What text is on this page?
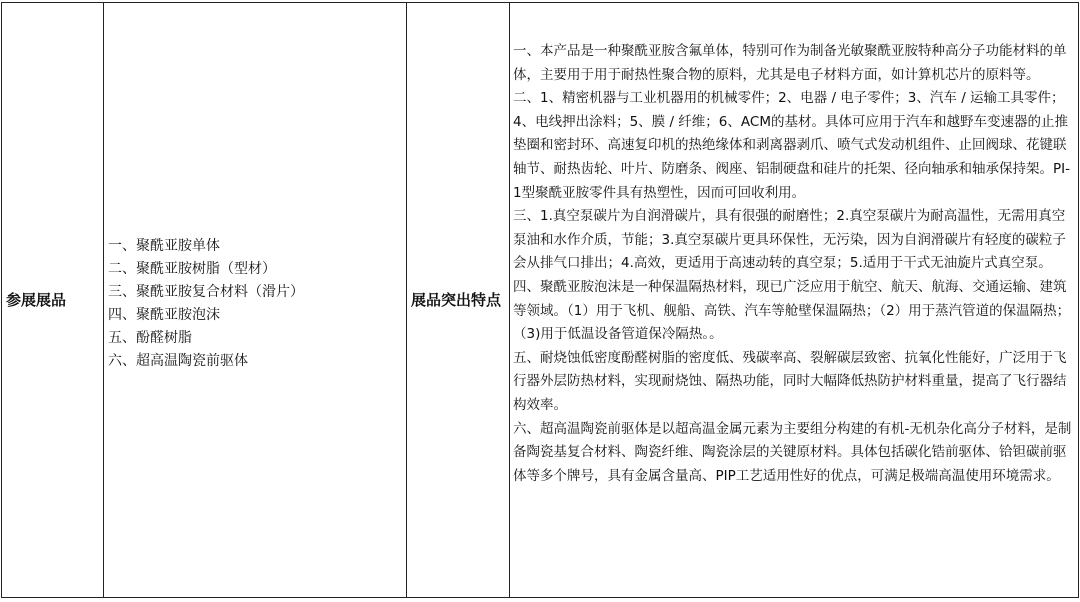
参展展品
一、聚酰亚胺单体
二、聚酰亚胺树脂（型材）
三、聚酰亚胺复合材料（滑片）
四、聚酰亚胺泡沫
五、酚醛树脂
六、超高温陶瓷前驱体
展品突出特点

一、本产品是一种聚酰亚胺含氟单体，特别可作为制备光敏聚酰亚胺特种高分子功能材料的单体，主要用于用于耐热性聚合物的原料，尤其是电子材料方面，如计算机芯片的原料等。

二、1、精密机器与工业机器用的机械零件；2、电器 / 电子零件；3、汽车 / 运输工具零件；4、电线押出涂料；5、膜 / 纤维；6、ACM的基材。具体可应用于汽车和越野车变速器的止推垫圈和密封环、高速复印机的热绝缘体和剥离器剥爪、喷气式发动机组件、止回阀球、花键联轴节、耐热齿轮、叶片、防磨条、阀座、铝制硬盘和硅片的托架、径向轴承和轴承保持架。PI-1型聚酰亚胺零件具有热塑性，因而可回收利用。

三、1.真空泵碳片为自润滑碳片，具有很强的耐磨性；2.真空泵碳片为耐高温性，无需用真空泵油和水作介质，节能；3.真空泵碳片更具环保性，无污染，因为自润滑碳片有轻度的碳粒子会从排气口排出；4.高效，更适用于高速动转的真空泵；5.适用于干式无油旋片式真空泵。

四、聚酰亚胺泡沫是一种保温隔热材料，现已广泛应用于航空、航天、航海、交通运输、建筑等领域。（1）用于飞机、舰船、高铁、汽车等舱壁保温隔热；（2）用于蒸汽管道的保温隔热；（3)用于低温设备管道保冷隔热。。

五、耐烧蚀低密度酚醛树脂的密度低、残碳率高、裂解碳层致密、抗氧化性能好，广泛用于飞行器外层防热材料，实现耐烧蚀、隔热功能，同时大幅降低热防护材料重量，提高了飞行器结构效率。

六、超高温陶瓷前驱体是以超高温金属元素为主要组分构建的有机-无机杂化高分子材料，是制备陶瓷基复合材料、陶瓷纤维、陶瓷涂层的关键原材料。具体包括碳化锆前驱体、铪钽碳前驱体等多个牌号，具有金属含量高、PIP工艺适用性好的优点，可满足极端高温使用环境需求。
